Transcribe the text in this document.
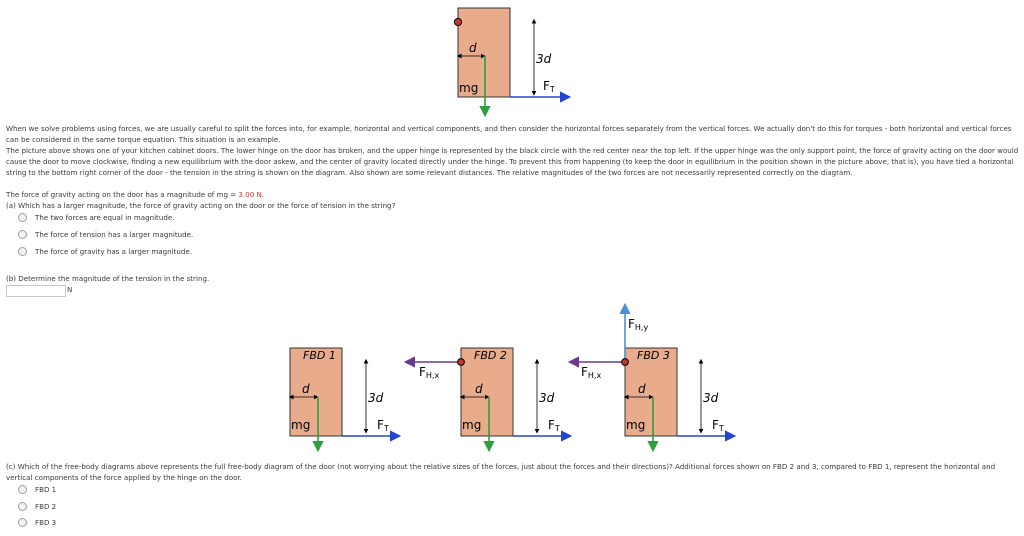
d
mg
3d
FT
When we solve problems using forces, we are usually careful to split the forces into, for example, horizontal and vertical components, and then consider the horizontal forces separately from the vertical forces. We actually don't do this for torques - both horizontal and vertical forces can be considered in the same torque equation. This situation is an example.
The picture above shows one of your kitchen cabinet doors. The lower hinge on the door has broken, and the upper hinge is represented by the black circle with the red center near the top left. If the upper hinge was the only support point, the force of gravity acting on the door would cause the door to move clockwise, finding a new equilibrium with the door askew, and the center of gravity located directly under the hinge. To prevent this from happening (to keep the door in equilibrium in the position shown in the picture above, that is), you have tied a horizontal string to the bottom right corner of the door - the tension in the string is shown on the diagram. Also shown are some relevant distances. The relative magnitudes of the two forces are not necessarily represented correctly on the diagram.
The force of gravity acting on the door has a magnitude of mg = 3.00 N.
(a) Which has a larger magnitude, the force of gravity acting on the door or the force of tension in the string?
The two forces are equal in magnitude.
The force of tension has a larger magnitude.
The force of gravity has a larger magnitude.
(b) Determine the magnitude of the tension in the string.
N
FBD 1
d
mg
3d
FT
FBD 2
FH,x
d
mg
3d
FT
FBD 3
FH,x
FH,y
d
mg
3d
FT
(c) Which of the free-body diagrams above represents the full free-body diagram of the door (not worrying about the relative sizes of the forces, just about the forces and their directions)? Additional forces shown on FBD 2 and 3, compared to FBD 1, represent the horizontal and vertical components of the force applied by the hinge on the door.
FBD 1
FBD 2
FBD 3
